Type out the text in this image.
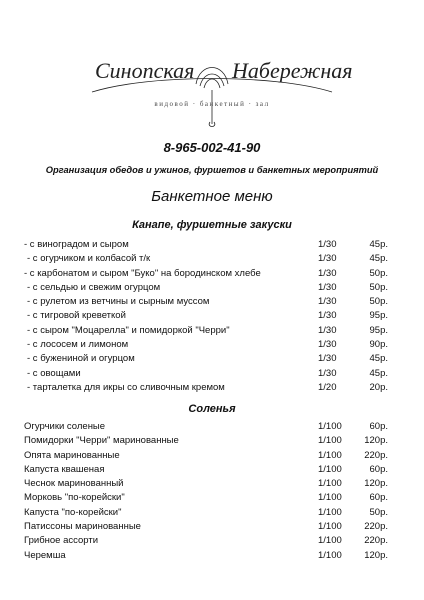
Синопская Набережная
видовой · банкетный · зал
8-965-002-41-90
Организация обедов и ужинов, фуршетов и банкетных мероприятий
Банкетное меню
Канапе, фуршетные закуски
- с виноградом и сыром	1/30	45р.
- с огурчиком и колбасой т/к	1/30	45р.
- с карбонатом и сыром "Буко" на бородинском хлебе	1/30	50р.
- с сельдью и свежим огурцом	1/30	50р.
- с рулетом из ветчины и сырным муссом	1/30	50р.
- с тигровой креветкой	1/30	95р.
- с сыром "Моцарелла" и помидоркой "Черри"	1/30	95р.
- с лососем и лимоном	1/30	90р.
- с бужениной и огурцом	1/30	45р.
- с овощами	1/30	45р.
- тарталетка для икры со сливочным кремом	1/20	20р.
Соленья
Огурчики соленые	1/100	60р.
Помидорки "Черри" маринованные	1/100 120р.
Опята маринованные	1/100 220р.
Капуста квашеная	1/100	60р.
Чеснок маринованный	1/100 120р.
Морковь "по-корейски"	1/100	60р.
Капуста "по-корейски"	1/100	50р.
Патиссоны маринованные	1/100 220р.
Грибное ассорти	1/100 220р.
Черемша	1/100 120р.
